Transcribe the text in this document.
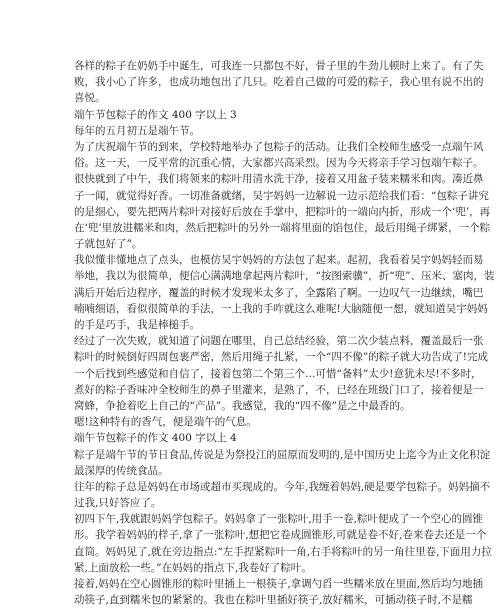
各样的粽子在奶奶手中诞生，可我连一只都包不好，骨子里的牛劲儿顿时上来了。有了失
败，我小心了许多，也成功地包出了几只。吃着自己做的可爱的粽子，我心里有说不出的
喜悦。
端午节包粽子的作文 400 字以上 3
每年的五月初五是端午节。
为了庆祝端午节的到来，学校特地举办了包粽子的活动。让我们全校师生感受一点端午风
俗。这一天，一反平常的沉重心情，大家都兴高采烈。因为今天将亲手学习包端午粽子。
很快就到了中午，我们将领来的粽叶用清水洗干净，接着又用盆子装来糯米和肉。凑近鼻
子一闻，就觉得好香。一切准备就绪，吴宇妈妈一边解说一边示范给我们看：“包粽子讲究
的是细心，要先把两片粽叶对接好后放在手掌中，把粽叶的一端向内折，形成一个‘兜’，再
在‘兜’里放进糯米和肉，然后把粽叶的另外一端将里面的馅包住，最后用绳子绑紧，一个粽
子就包好了”。
我似懂非懂地点了点头，也模仿吴宇妈妈的方法包了起来。起初，我看着吴宇妈妈轻而易
举地，我以为很简单，便信心满满地拿起两片粽叶，“按图索骥”，折“兜”、压米、塞肉，装
满后开始后边程序，覆盖的时候才发现米太多了，全露陷了啊。一边叹气一边继续，嘴巴
喃喃细语，看似很简单的手法，一上我的手咋就这么难呢!大脑随便一想，就知道吴宇妈妈
的手是巧手，我是棒槌手。
经过了一次失败，就知道了问题在哪里，自己总结经验，第二次少装点料，覆盖最后一张
粽叶的时候倒好四周包裹严密，然后用绳子扎紧，一个“四不像”的粽子就大功告成了!完成
一个后找到些感觉和自信了，接着包第二个第三个…可惜“备料”太少!意犹未尽!不多时，
煮好的粽子香味冲全校师生的鼻子里灌来，是熟了，不，已经在班级门口了，接着便是一
窝蜂，争抢着吃上自己的“产品”。我感觉，我的“四不像”是之中最香的。
嗯!这种特有的香气，便是端午的气息。
端午节包粽子的作文 400 字以上 4
粽子是端午节的节日食品,传说是为祭投江的屈原而发明的,是中国历史上迄今为止文化积淀
最深厚的传统食品。
往年的粽子总是妈妈在市场或超市买现成的。今年,我缠着妈妈,硬是要学包粽子。妈妈摘不
过我,只好答应了。
初四下午,我就跟妈妈学包粽子。妈妈拿了一张粽叶,用手一卷,粽叶便成了一个空心的圆锥
形。我学着妈妈的样子,拿了一张粽叶,想把它卷成圆锥形,可就是卷不好,卷来卷去还是一个
直筒。妈妈见了,就在旁边指点:“左手捏紧粽叶一角,右手将粽叶的另一角往里卷,下面用力拉
紧,上面放松一些。”在妈妈的指点下,我卷好了粽叶。
接着,妈妈在空心圆锥形的粽叶里插上一根筷子,拿调勺舀一些糯米放在里面,然后均匀地插
动筷子,直到糯米包的紧紧的。我也在粽叶里插好筷子,放好糯米，可插动筷子时,不是糯
